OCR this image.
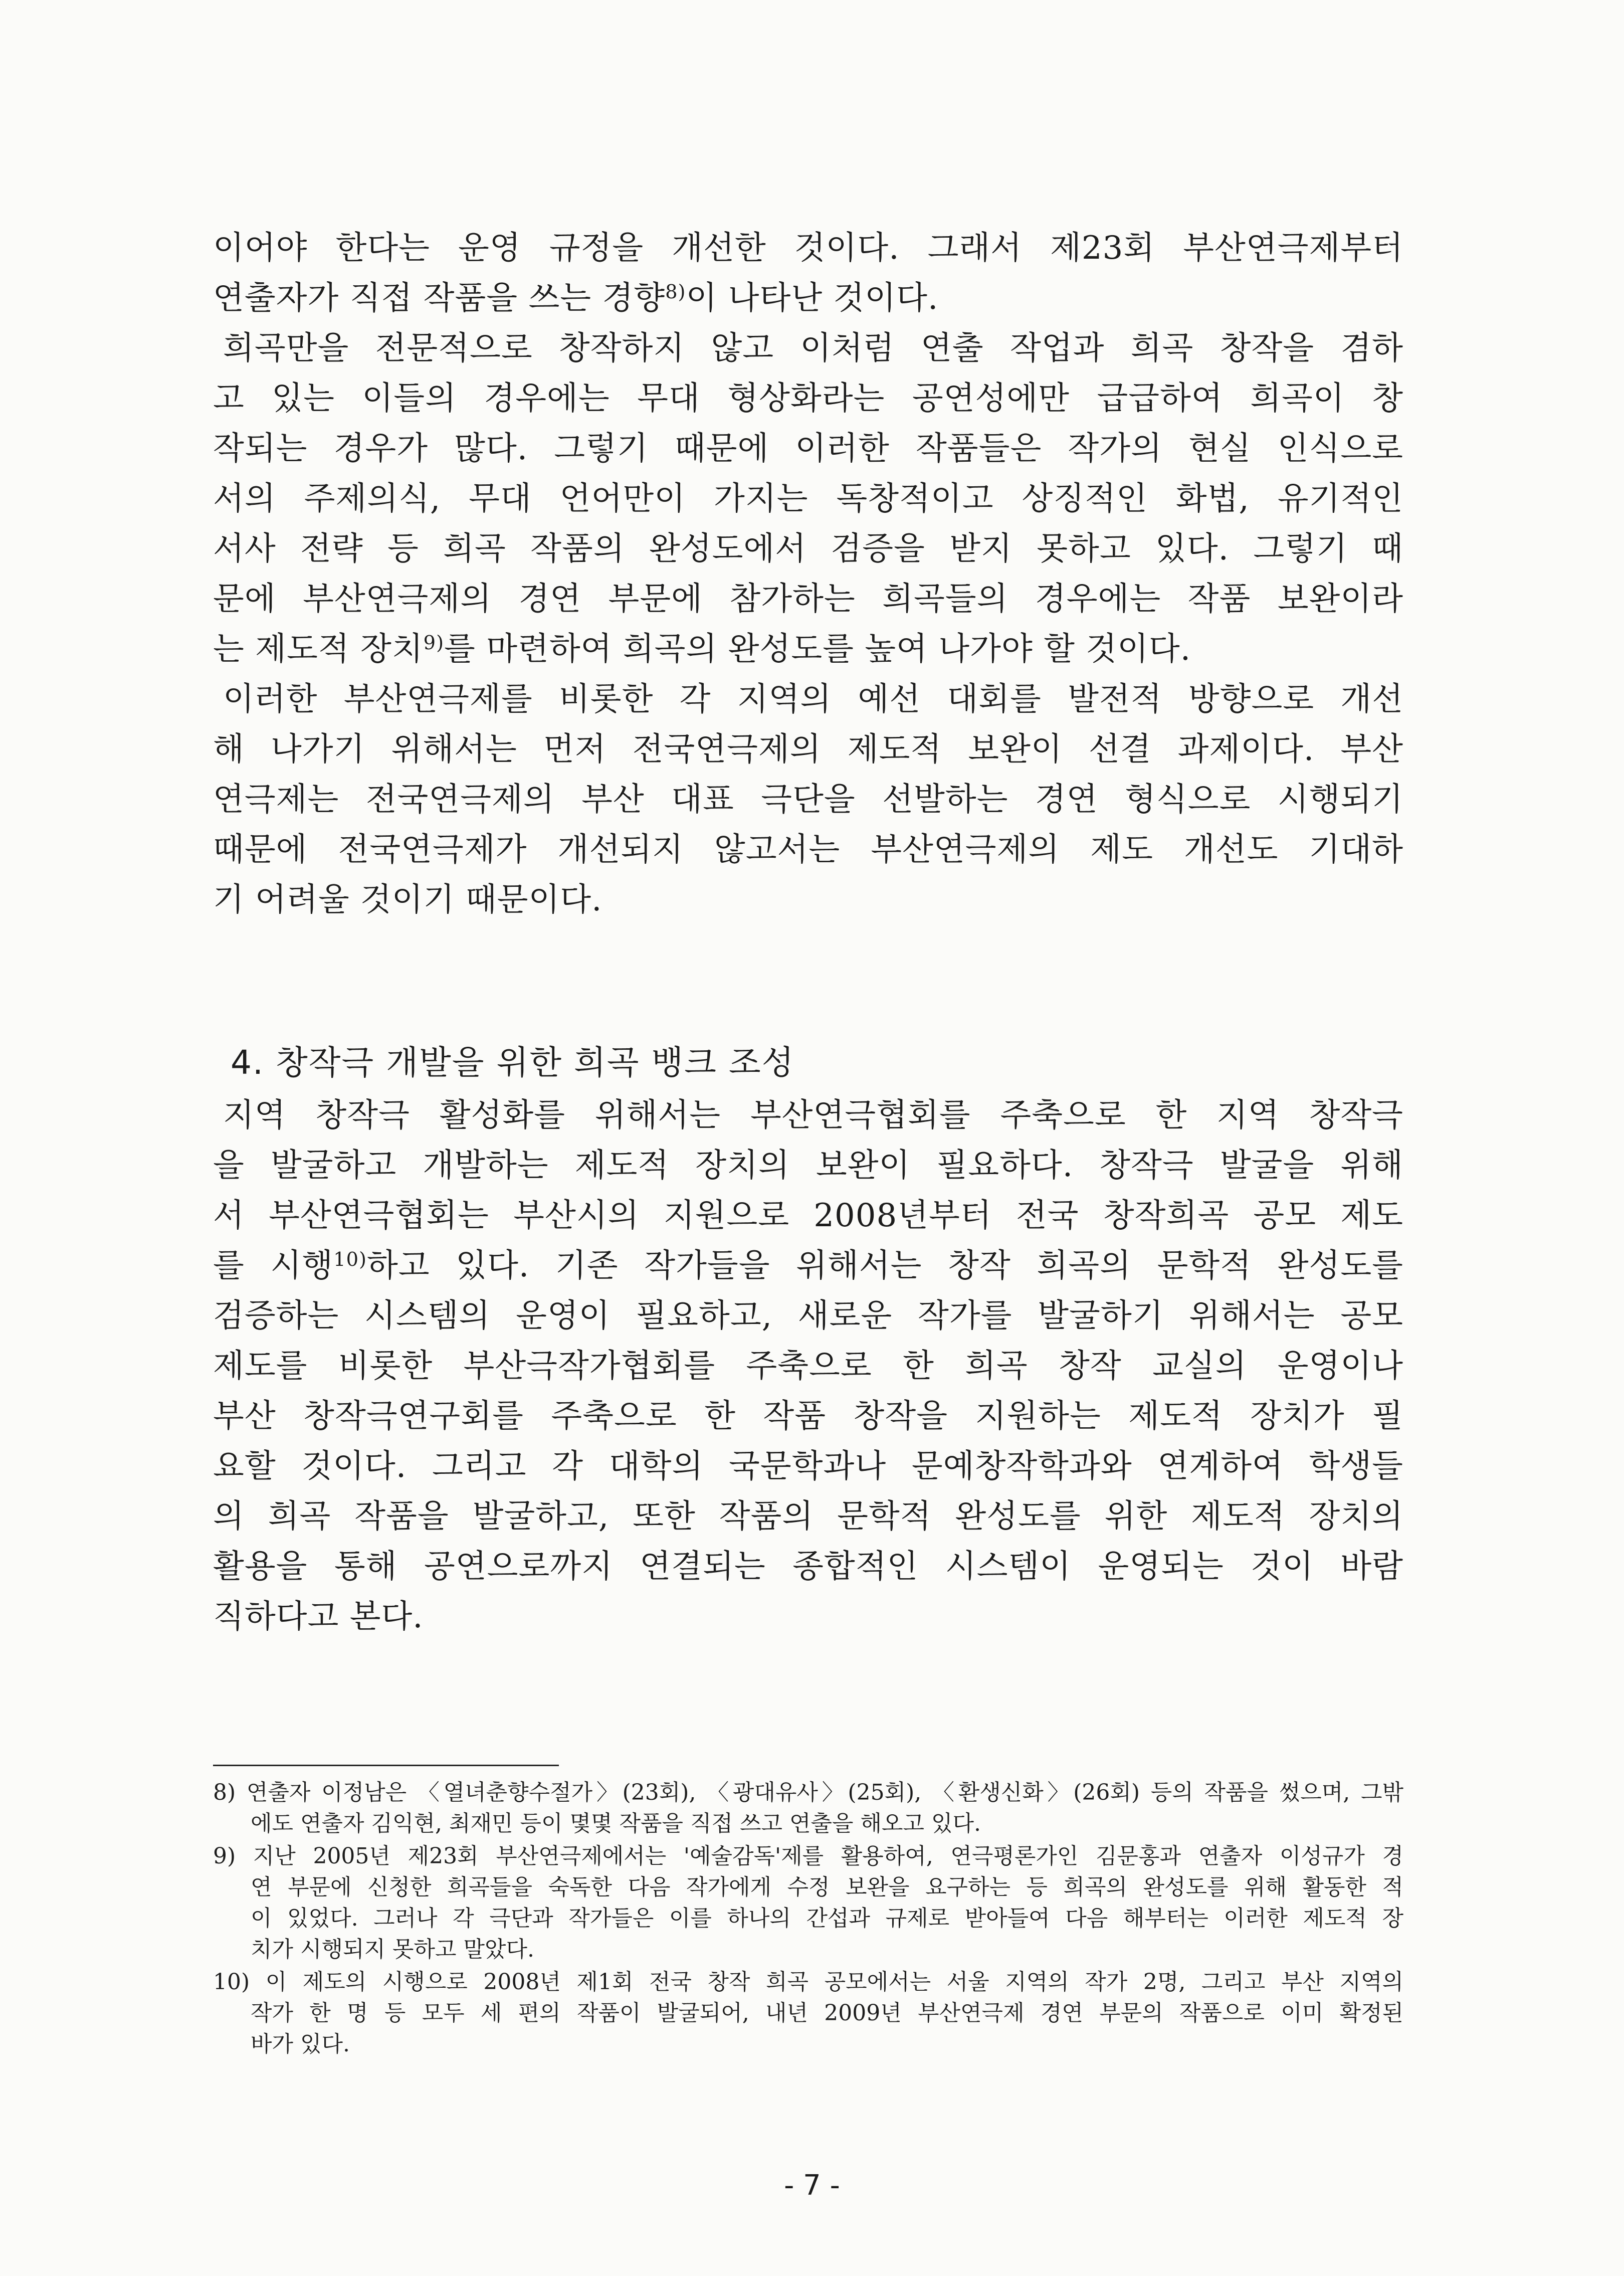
이어야 한다는 운영 규정을 개선한 것이다. 그래서 제23회 부산연극제부터
연출자가 직접 작품을 쓰는 경향$^{8)}$이 나타난 것이다.
희곡만을 전문적으로 창작하지 않고 이처럼 연출 작업과 희곡 창작을 겸하
고 있는 이들의 경우에는 무대 형상화라는 공연성에만 급급하여 희곡이 창
작되는 경우가 많다. 그렇기 때문에 이러한 작품들은 작가의 현실 인식으로
서의 주제의식, 무대 언어만이 가지는 독창적이고 상징적인 화법, 유기적인
서사 전략 등 희곡 작품의 완성도에서 검증을 받지 못하고 있다. 그렇기 때
문에 부산연극제의 경연 부문에 참가하는 희곡들의 경우에는 작품 보완이라
는 제도적 장치$^{9)}$를 마련하여 희곡의 완성도를 높여 나가야 할 것이다.
이러한 부산연극제를 비롯한 각 지역의 예선 대회를 발전적 방향으로 개선
해 나가기 위해서는 먼저 전국연극제의 제도적 보완이 선결 과제이다. 부산
연극제는 전국연극제의 부산 대표 극단을 선발하는 경연 형식으로 시행되기
때문에 전국연극제가 개선되지 않고서는 부산연극제의 제도 개선도 기대하
기 어려울 것이기 때문이다.
지역 창작극 활성화를 위해서는 부산연극협회를 주축으로 한 지역 창작극
을 발굴하고 개발하는 제도적 장치의 보완이 필요하다. 창작극 발굴을 위해
서 부산연극협회는 부산시의 지원으로 2008년부터 전국 창작희곡 공모 제도
를 시행$^{10)}$하고 있다. 기존 작가들을 위해서는 창작 희곡의 문학적 완성도를
검증하는 시스템의 운영이 필요하고, 새로운 작가를 발굴하기 위해서는 공모
제도를 비롯한 부산극작가협회를 주축으로 한 희곡 창작 교실의 운영이나
부산 창작극연구회를 주축으로 한 작품 창작을 지원하는 제도적 장치가 필
요할 것이다. 그리고 각 대학의 국문학과나 문예창작학과와 연계하여 학생들
의 희곡 작품을 발굴하고, 또한 작품의 문학적 완성도를 위한 제도적 장치의
활용을 통해 공연으로까지 연결되는 종합적인 시스템이 운영되는 것이 바람
직하다고 본다.
4. 창작극 개발을 위한 희곡 뱅크 조성
8) 연출자 이정남은 〈열녀춘향수절가〉(23회), 〈광대유사〉(25회), 〈환생신화〉(26회) 등의 작품을 썼으며, 그밖
에도 연출자 김익현, 최재민 등이 몇몇 작품을 직접 쓰고 연출을 해오고 있다.
9) 지난 2005년 제23회 부산연극제에서는 '예술감독'제를 활용하여, 연극평론가인 김문홍과 연출자 이성규가 경
연 부문에 신청한 희곡들을 숙독한 다음 작가에게 수정 보완을 요구하는 등 희곡의 완성도를 위해 활동한 적
이 있었다. 그러나 각 극단과 작가들은 이를 하나의 간섭과 규제로 받아들여 다음 해부터는 이러한 제도적 장
치가 시행되지 못하고 말았다.
10) 이 제도의 시행으로 2008년 제1회 전국 창작 희곡 공모에서는 서울 지역의 작가 2명, 그리고 부산 지역의
작가 한 명 등 모두 세 편의 작품이 발굴되어, 내년 2009년 부산연극제 경연 부문의 작품으로 이미 확정된
바가 있다.
- 7 -
